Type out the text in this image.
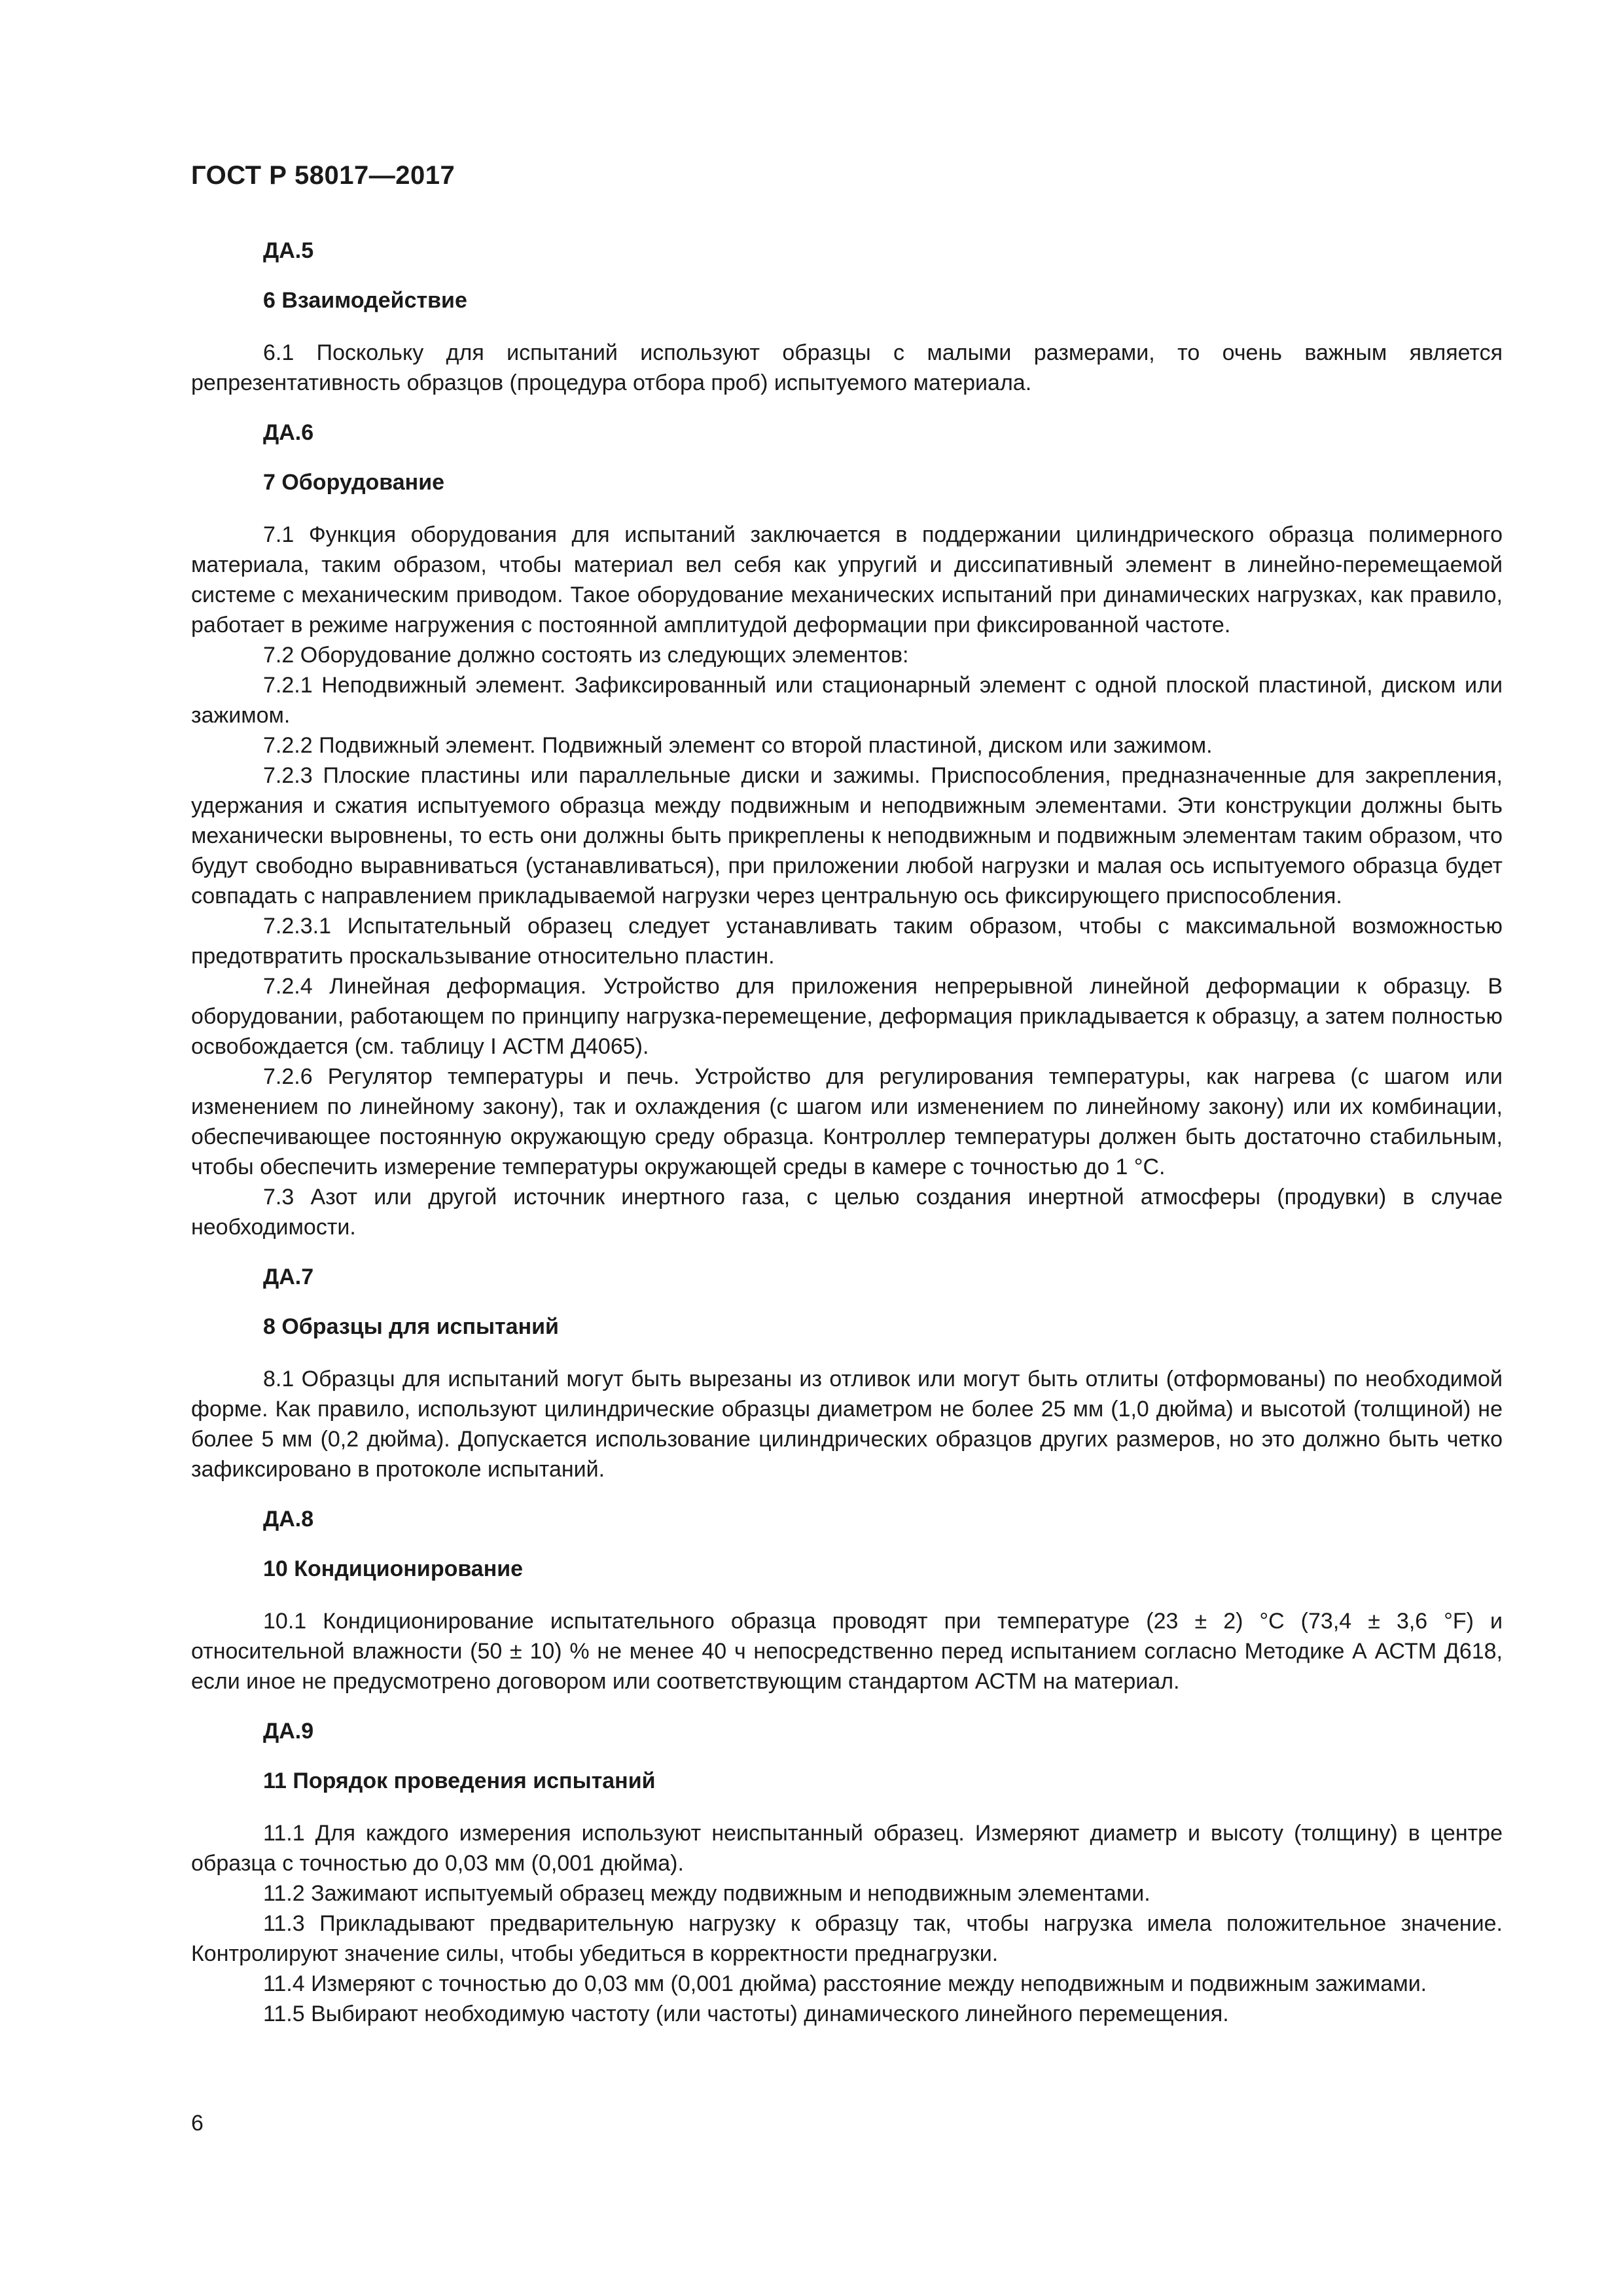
ГОСТ Р 58017—2017
ДА.5
6 Взаимодействие

6.1 Поскольку для испытаний используют образцы с малыми размерами, то очень важным является репрезентативность образцов (процедура отбора проб) испытуемого материала.

ДА.6
7 Оборудование

7.1 Функция оборудования для испытаний заключается в поддержании цилиндрического образца полимерного материала, таким образом, чтобы материал вел себя как упругий и диссипативный элемент в линейно-перемещаемой системе с механическим приводом. Такое оборудование механических испытаний при динамических нагрузках, как правило, работает в режиме нагружения с постоянной амплитудой деформации при фиксированной частоте.

7.2 Оборудование должно состоять из следующих элементов:

7.2.1 Неподвижный элемент. Зафиксированный или стационарный элемент с одной плоской пластиной, диском или зажимом.

7.2.2 Подвижный элемент. Подвижный элемент со второй пластиной, диском или зажимом.

7.2.3 Плоские пластины или параллельные диски и зажимы. Приспособления, предназначенные для закрепления, удержания и сжатия испытуемого образца между подвижным и неподвижным элементами. Эти конструкции должны быть механически выровнены, то есть они должны быть прикреплены к неподвижным и подвижным элементам таким образом, что будут свободно выравниваться (устанавливаться), при приложении любой нагрузки и малая ось испытуемого образца будет совпадать с направлением прикладываемой нагрузки через центральную ось фиксирующего приспособления.

7.2.3.1 Испытательный образец следует устанавливать таким образом, чтобы с максимальной возможностью предотвратить проскальзывание относительно пластин.

7.2.4 Линейная деформация. Устройство для приложения непрерывной линейной деформации к образцу. В оборудовании, работающем по принципу нагрузка-перемещение, деформация прикладывается к образцу, а затем полностью освобождается (см. таблицу I АСТМ Д4065).

7.2.6 Регулятор температуры и печь. Устройство для регулирования температуры, как нагрева (с шагом или изменением по линейному закону), так и охлаждения (с шагом или изменением по линейному закону) или их комбинации, обеспечивающее постоянную окружающую среду образца. Контроллер температуры должен быть достаточно стабильным, чтобы обеспечить измерение температуры окружающей среды в камере с точностью до 1 °С.

7.3 Азот или другой источник инертного газа, с целью создания инертной атмосферы (продувки) в случае необходимости.

ДА.7
8 Образцы для испытаний

8.1 Образцы для испытаний могут быть вырезаны из отливок или могут быть отлиты (отформованы) по необходимой форме. Как правило, используют цилиндрические образцы диаметром не более 25 мм (1,0 дюйма) и высотой (толщиной) не более 5 мм (0,2 дюйма). Допускается использование цилиндрических образцов других размеров, но это должно быть четко зафиксировано в протоколе испытаний.

ДА.8
10 Кондиционирование

10.1 Кондиционирование испытательного образца проводят при температуре (23 ± 2) °С (73,4 ± 3,6 °F) и относительной влажности (50 ± 10) % не менее 40 ч непосредственно перед испытанием согласно Методике А АСТМ Д618, если иное не предусмотрено договором или соответствующим стандартом АСТМ на материал.

ДА.9
11 Порядок проведения испытаний

11.1 Для каждого измерения используют неиспытанный образец. Измеряют диаметр и высоту (толщину) в центре образца с точностью до 0,03 мм (0,001 дюйма).

11.2 Зажимают испытуемый образец между подвижным и неподвижным элементами.

11.3 Прикладывают предварительную нагрузку к образцу так, чтобы нагрузка имела положительное значение. Контролируют значение силы, чтобы убедиться в корректности преднагрузки.

11.4 Измеряют с точностью до 0,03 мм (0,001 дюйма) расстояние между неподвижным и подвижным зажимами.

11.5 Выбирают необходимую частоту (или частоты) динамического линейного перемещения.

6
